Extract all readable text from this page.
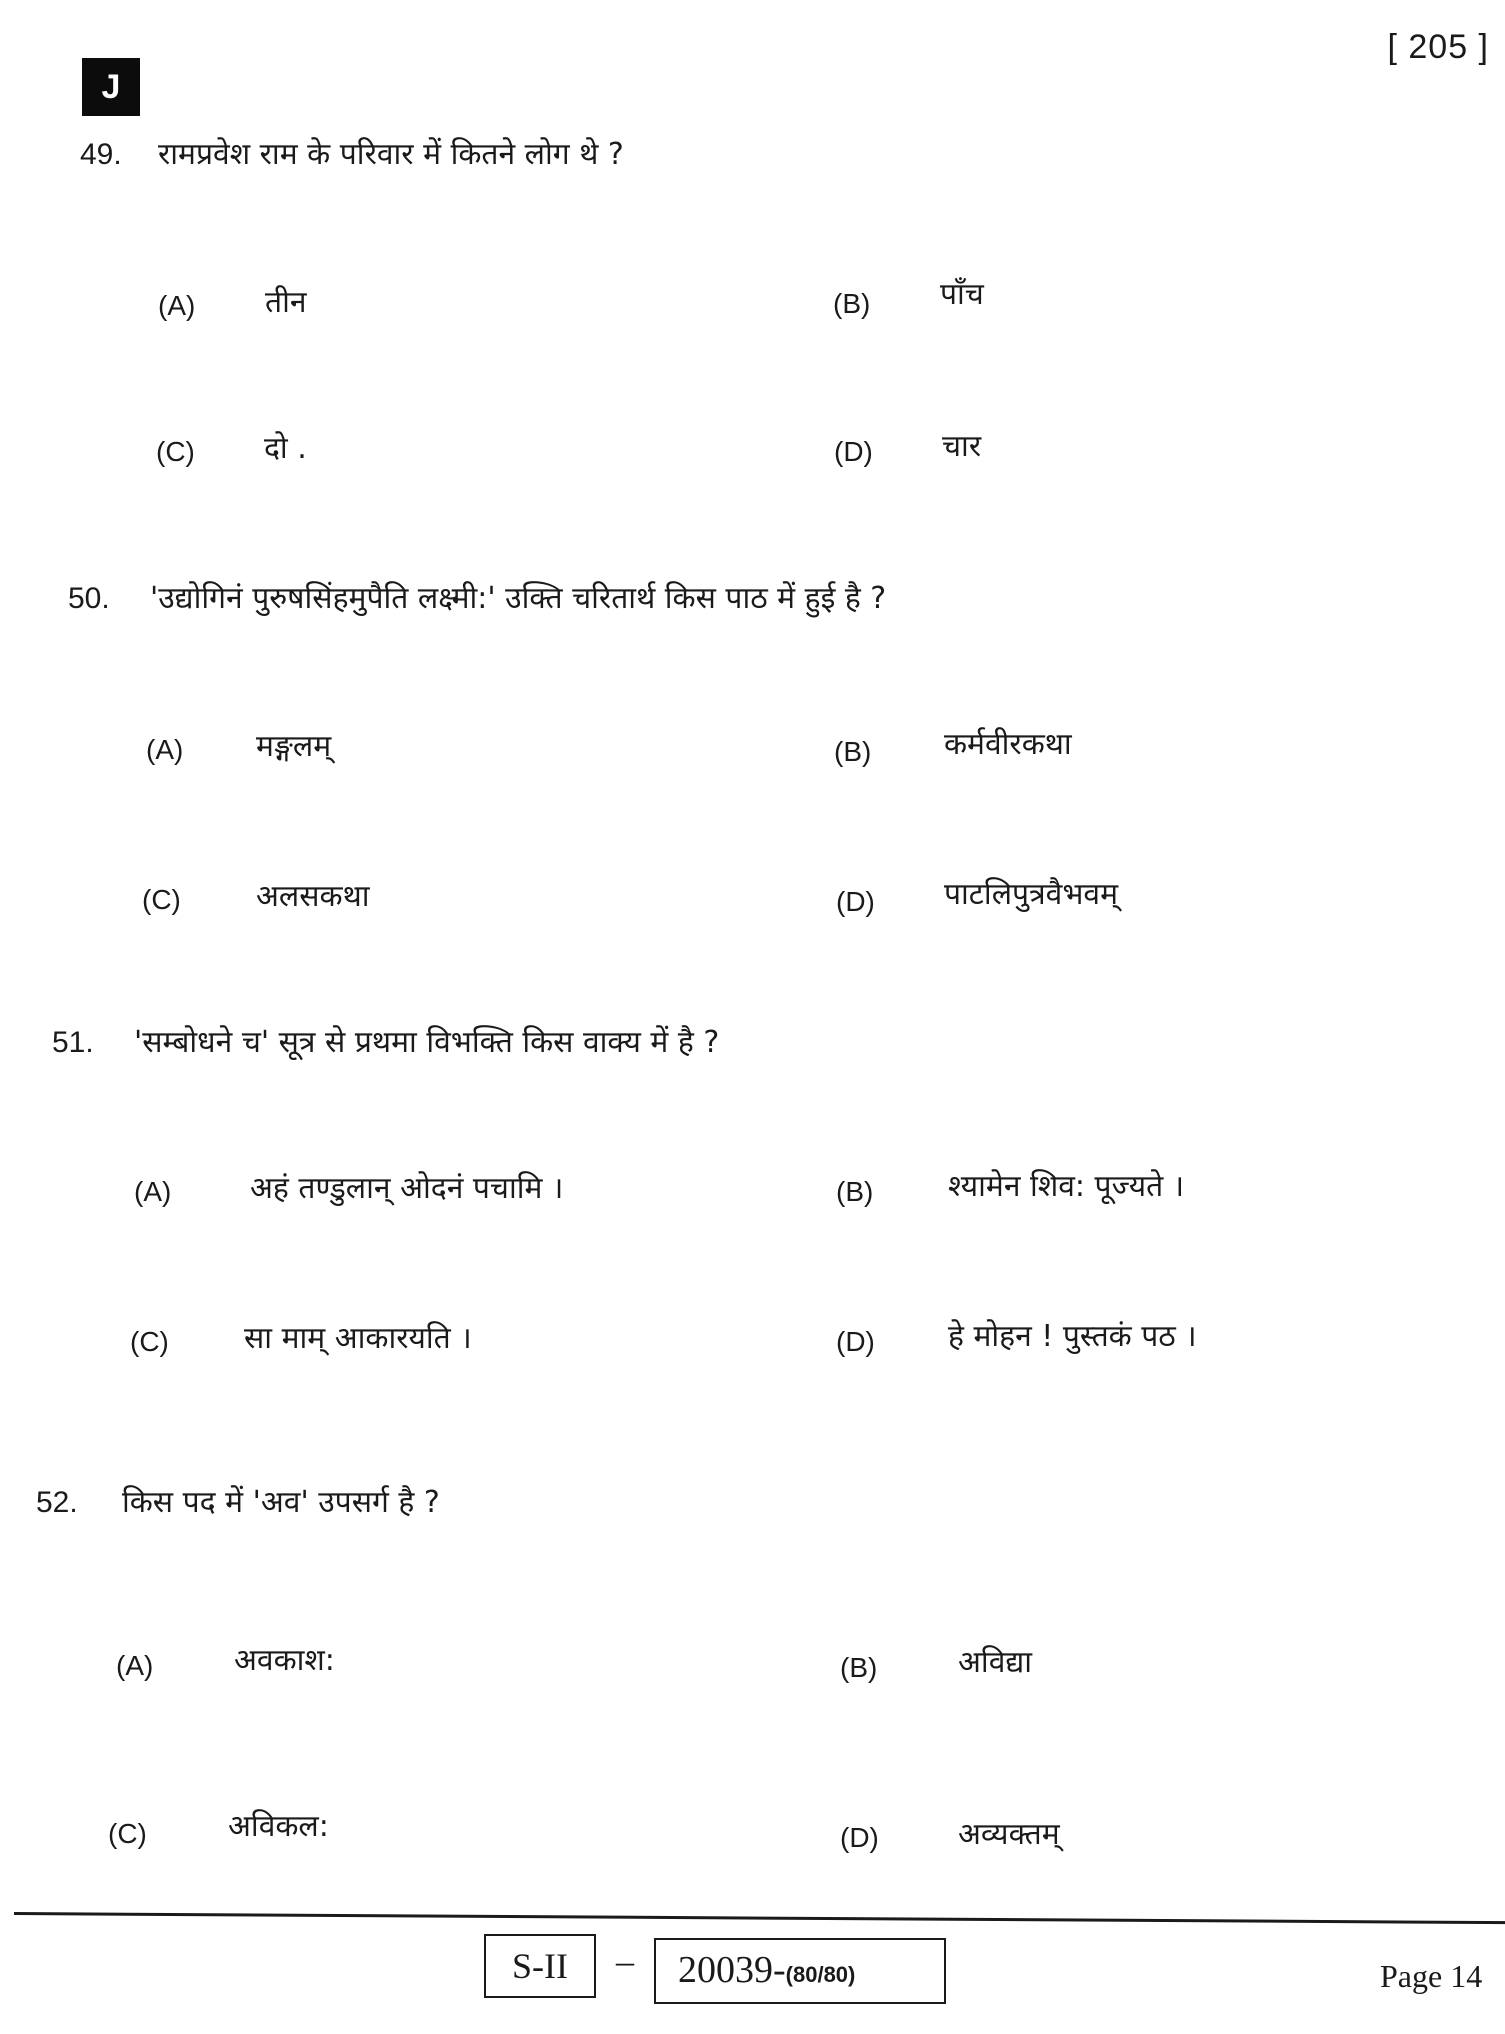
J
[ 205 ]
49. रामप्रवेश राम के परिवार में कितने लोग थे ?
(A) तीन	(B) पाँच
(C) दो .	(D) चार
50. 'उद्योगिनं पुरुषसिंहमुपैति लक्ष्मी:' उक्ति चरितार्थ किस पाठ में हुई है ?
(A) मङ्गलम्	(B) कर्मवीरकथा
(C)	अलसकथा	(D) पाटलिपुत्रवैभवम्
51. 'सम्बोधने च' सूत्र से प्रथमा विभक्ति किस वाक्य में है ?
(A)	अहं तण्डुलान् ओदनं पचामि ।	(B) श्यामेन शिव: पूज्यते ।
(C)	सा माम् आकारयति ।	(D) हे मोहन ! पुस्तकं पठ ।
52. किस पद में 'अव' उपसर्ग है ?
(A)	अवकाश:	(B)	अविद्या
(C)	अविकल:	(D)	अव्यक्तम्
S-II	–	20039-(80/80)	Page 14
